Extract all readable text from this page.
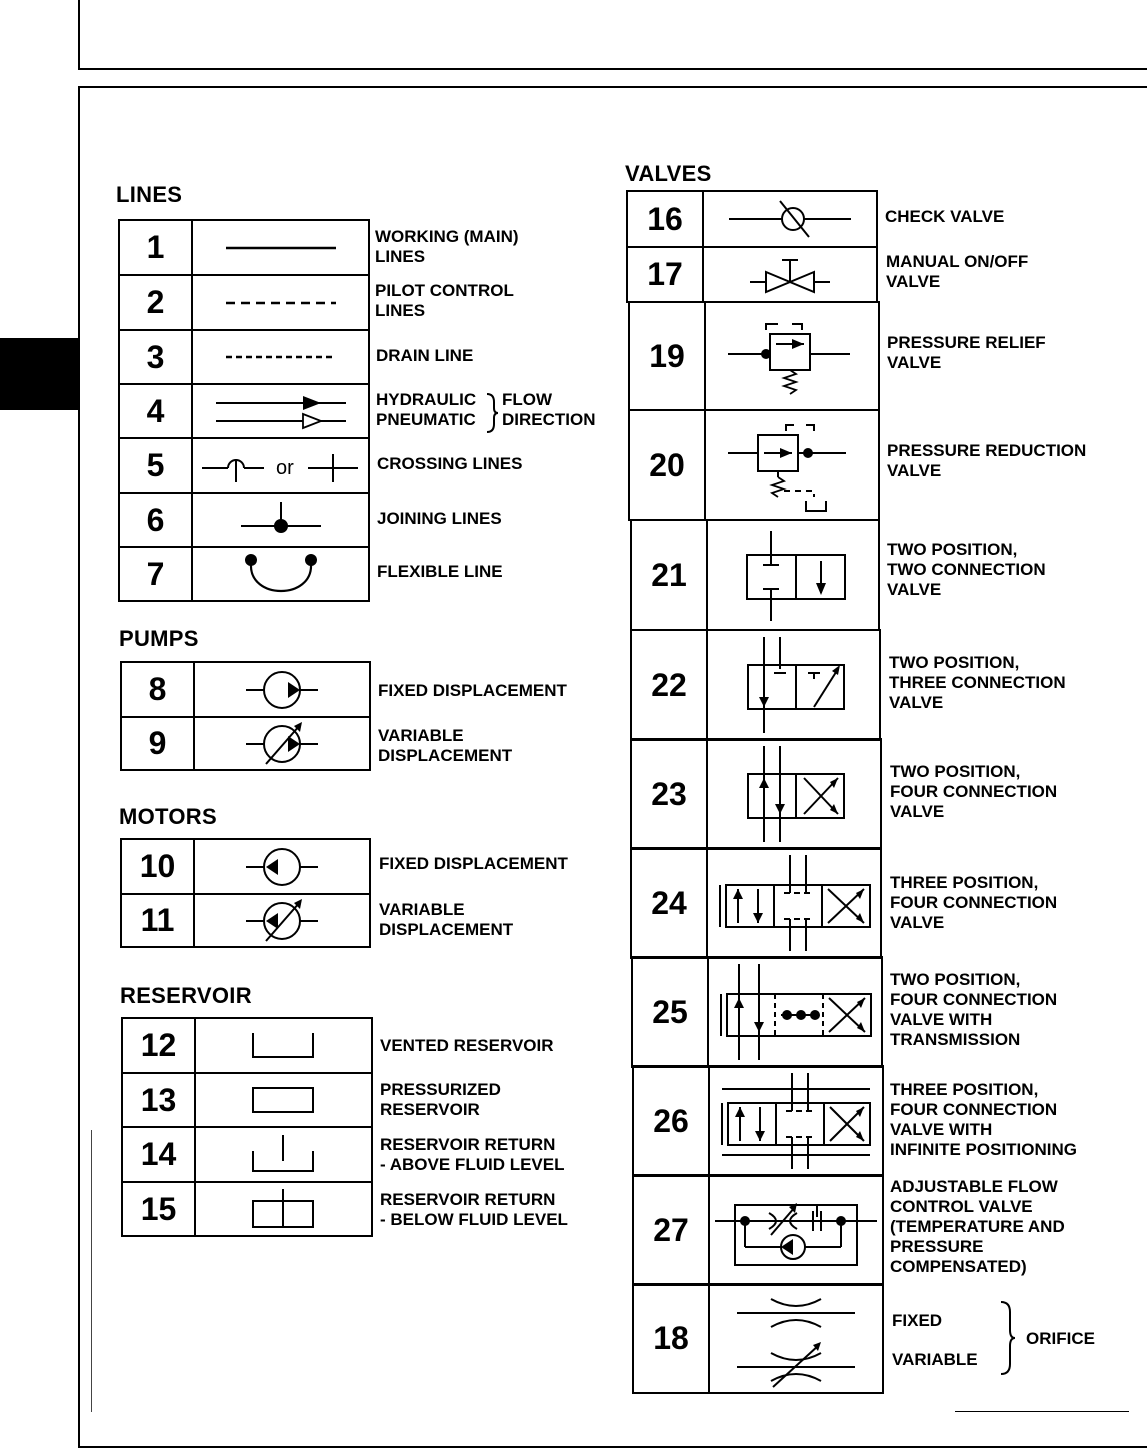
LINES
1
2
3
4
5	or
6
7
WORKING (MAIN)
LINES
PILOT CONTROL
LINES
DRAIN LINE
HYDRAULIC
PNEUMATIC
FLOW
DIRECTION
CROSSING LINES
JOINING LINES
FLEXIBLE LINE
PUMPS
8
9
FIXED DISPLACEMENT
VARIABLE
DISPLACEMENT
MOTORS
10
11
FIXED DISPLACEMENT
VARIABLE
DISPLACEMENT
RESERVOIR
12
13
14
15
VENTED RESERVOIR
PRESSURIZED
RESERVOIR
RESERVOIR RETURN
- ABOVE FLUID LEVEL
RESERVOIR RETURN
- BELOW FLUID LEVEL
VALVES
16
17
19
20
21
22
23
24
25
26
27
18
CHECK VALVE
MANUAL ON/OFF
VALVE
PRESSURE RELIEF
VALVE
PRESSURE REDUCTION
VALVE
TWO POSITION,
TWO CONNECTION
VALVE
TWO POSITION,
THREE CONNECTION
VALVE
TWO POSITION,
FOUR CONNECTION
VALVE
THREE POSITION,
FOUR CONNECTION
VALVE
TWO POSITION,
FOUR CONNECTION
VALVE WITH
TRANSMISSION
THREE POSITION,
FOUR CONNECTION
VALVE WITH
INFINITE POSITIONING
ADJUSTABLE FLOW
CONTROL VALVE
(TEMPERATURE AND
PRESSURE
COMPENSATED)
FIXED
VARIABLE
ORIFICE
